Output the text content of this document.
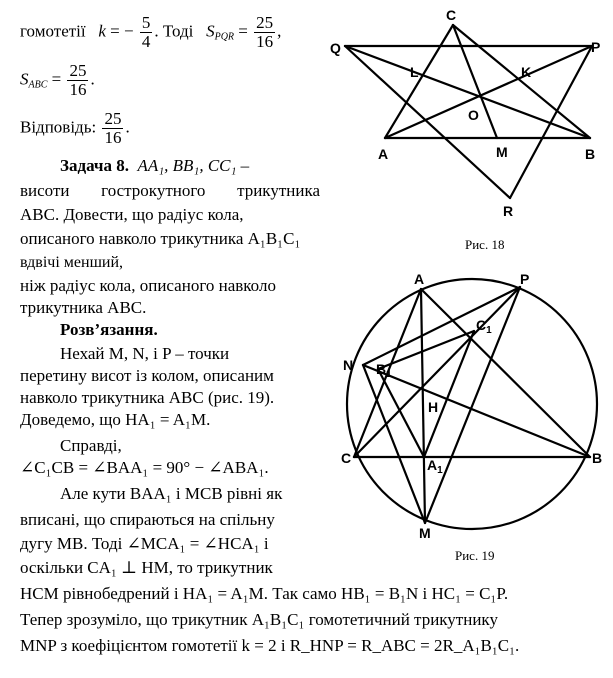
гомотетії k = − $\frac{5}{4}$ . Тоді $S_{PQR} = \frac{25}{16}$ ,
$S_{ABC} = \frac{25}{16}$ .
Відповідь: $\frac{25}{16}$ .
Задача 8. AA₁, BB₁, CC₁ –
висоти гострокутного трикутника
ABC. Довести, що радіус кола,
описаного навколо трикутника A₁B₁C₁
вдвічі менший,
ніж радіус кола, описаного навколо
трикутника ABC.
Розв’язання.
Нехай M, N, і P – точки
перетину висот із колом, описаним
навколо трикутника ABC (рис. 19).
Доведемо, що HA₁ = A₁M.
Справді,
∠C₁CB = ∠BAA₁ = 90° − ∠ABA₁.
Але кути BAA₁ і MCB рівні як
вписані, що спираються на спільну
дугу MB. Тоді ∠MCA₁ = ∠HCA₁ і
оскільки CA₁ ⊥ HM, то трикутник
HCM рівнобедрений і HA₁ = A₁M. Так само HB₁ = B₁N і HC₁ = C₁P.
Тепер зрозуміло, що трикутник A₁B₁C₁ гомотетичний трикутнику
MNP з коефіцієнтом гомотетії k = 2 і R_HNP = R_ABC = 2R_A₁B₁C₁.
C
Q	P
L	K
O
A	M	B
R
Рис. 18
A	P
$C_1$
N $B_1$
H
C	B
$A_1$
M
Рис. 19
